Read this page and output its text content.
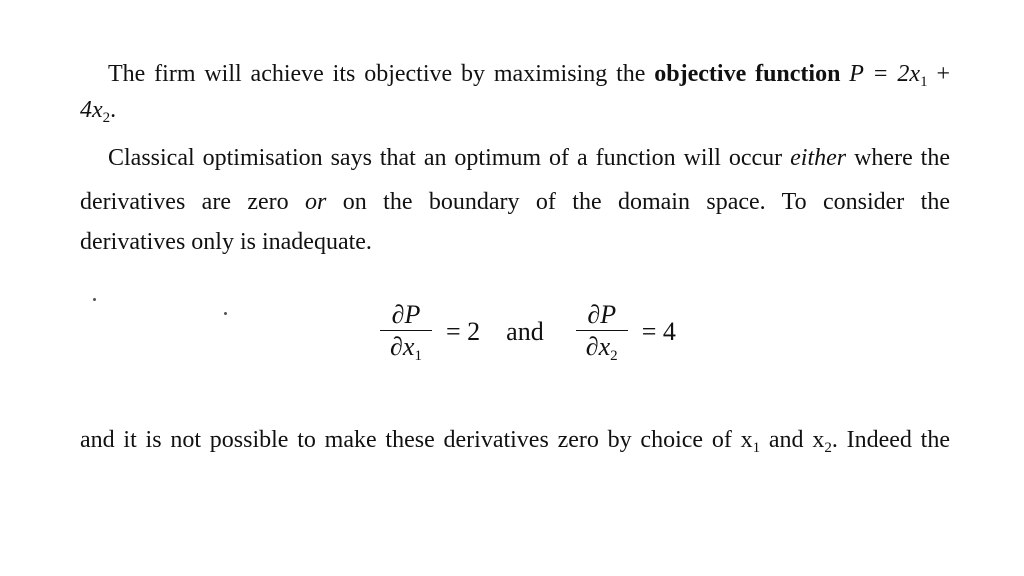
The firm will achieve its objective by maximising the objective function $P = 2x_1$ +
$4x_2$.
Classical optimisation says that an optimum of a function will occur either where the
derivatives are zero or on the boundary of the domain space. To consider the
derivatives only is inadequate.
$\frac{\partial P}{\partial x_1} = 2$ and $\frac{\partial P}{\partial x_2} = 4$
and it is not possible to make these derivatives zero by choice of $x_1$ and $x_2$. Indeed the
